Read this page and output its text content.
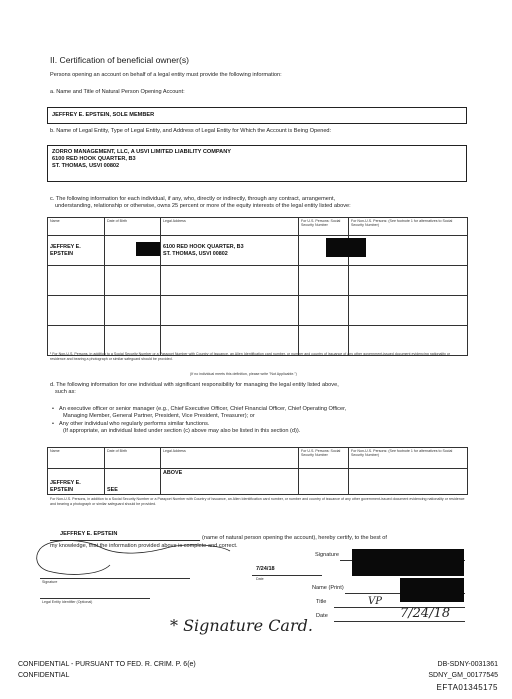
II. Certification of beneficial owner(s)
Persons opening an account on behalf of a legal entity must provide the following information:
a. Name and Title of Natural Person Opening Account:
JEFFREY E. EPSTEIN, SOLE MEMBER
b. Name of Legal Entity, Type of Legal Entity, and Address of Legal Entity for Which the Account is Being Opened:
ZORRO MANAGEMENT, LLC, A USVI LIMITED LIABILITY COMPANY
6100 RED HOOK QUARTER, B3
ST. THOMAS, USVI 00802
c. The following information for each individual, if any, who, directly or indirectly, through any contract, arrangement,
understanding, relationship or otherwise, owns 25 percent or more of the equity interests of the legal entity listed above:
Name	Date of Birth	Legal Address	For U.S. Persons: Social Security Number	For Non-U.S. Persons: (See footnote 1 for alternatives to Social Security Number)
JEFFREY E. EPSTEIN		6100 RED HOOK QUARTER, B3
ST. THOMAS, USVI 00802		

¹ For Non-U.S. Persons, in addition to a Social Security Number or a Passport Number with Country of Issuance, an Alien Identification card number, or number and country of issuance of any other government-issued document evidencing nationality or residence and bearing a photograph or similar safeguard should be provided.
(If no individual meets this definition, please write "Not Applicable.")
d. The following information for one individual with significant responsibility for managing the legal entity listed above,
such as:
• An executive officer or senior manager (e.g., Chief Executive Officer, Chief Financial Officer, Chief Operating Officer,
Managing Member, General Partner, President, Vice President, Treasurer); or
• Any other individual who regularly performs similar functions.
(If appropriate, an individual listed under section (c) above may also be listed in this section (d)).
Name	Date of Birth	Legal Address	For U.S. Persons: Social Security Number	For Non-U.S. Persons: (See footnote 1 for alternatives to Social Security Number)
JEFFREY E. EPSTEIN	SEE	ABOVE		
For Non-U.S. Persons, in addition to a Social Security Number or a Passport Number with Country of Issuance, an Alien Identification card number, or number and country of issuance of any other government-issued document evidencing nationality or residence and bearing a photograph or similar safeguard should be provided.
JEFFREY E. EPSTEIN
(name of natural person opening the account), hereby certify, to the best of
my knowledge, that the information provided above is complete and correct.
Signature
7/24/18
Date
Signature
Legal Entity Identifier (Optional)
Name (Print)
Title	VP
Date	7/24/18
* Signature Card.
CONFIDENTIAL - PURSUANT TO FED. R. CRIM. P. 6(e)
CONFIDENTIAL
DB-SDNY-0031361
SDNY_GM_00177545
EFTA01345175
